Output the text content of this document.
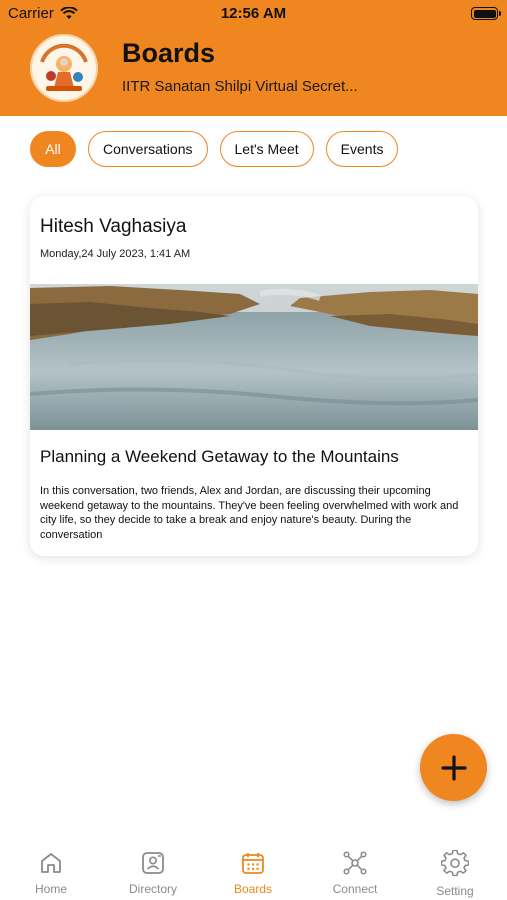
Carrier	12:56 AM
Boards
IITR Sanatan Shilpi Virtual Secret...
All	Conversations	Let's Meet	Events
Hitesh Vaghasiya
Monday,24 July 2023, 1:41 AM
Planning a Weekend Getaway to the Mountains
In this conversation, two friends, Alex and Jordan, are discussing their upcoming weekend getaway to the mountains. They've been feeling overwhelmed with work and city life, so they decide to take a break and enjoy nature's beauty. During the conversation
Home	Directory	Boards	Connect	Setting
